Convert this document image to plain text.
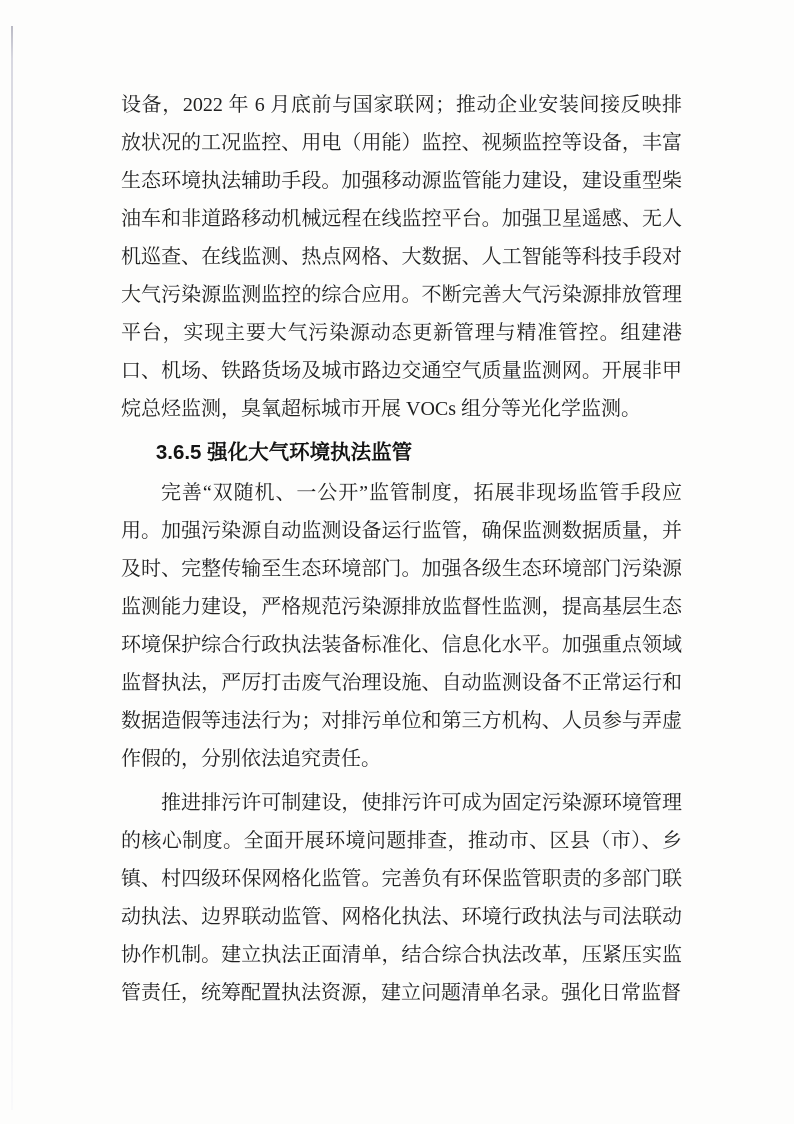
设备，2022 年 6 月底前与国家联网；推动企业安装间接反映排放状况的工况监控、用电（用能）监控、视频监控等设备，丰富生态环境执法辅助手段。加强移动源监管能力建设，建设重型柴油车和非道路移动机械远程在线监控平台。加强卫星遥感、无人机巡查、在线监测、热点网格、大数据、人工智能等科技手段对大气污染源监测监控的综合应用。不断完善大气污染源排放管理平台，实现主要大气污染源动态更新管理与精准管控。组建港口、机场、铁路货场及城市路边交通空气质量监测网。开展非甲烷总烃监测，臭氧超标城市开展 VOCs 组分等光化学监测。

3.6.5 强化大气环境执法监管

完善“双随机、一公开”监管制度，拓展非现场监管手段应用。加强污染源自动监测设备运行监管，确保监测数据质量，并及时、完整传输至生态环境部门。加强各级生态环境部门污染源监测能力建设，严格规范污染源排放监督性监测，提高基层生态环境保护综合行政执法装备标准化、信息化水平。加强重点领域监督执法，严厉打击废气治理设施、自动监测设备不正常运行和数据造假等违法行为；对排污单位和第三方机构、人员参与弄虚作假的，分别依法追究责任。

推进排污许可制建设，使排污许可成为固定污染源环境管理的核心制度。全面开展环境问题排查，推动市、区县（市）、乡镇、村四级环保网格化监管。完善负有环保监管职责的多部门联动执法、边界联动监管、网格化执法、环境行政执法与司法联动协作机制。建立执法正面清单，结合综合执法改革，压紧压实监管责任，统筹配置执法资源，建立问题清单名录。强化日常监督
